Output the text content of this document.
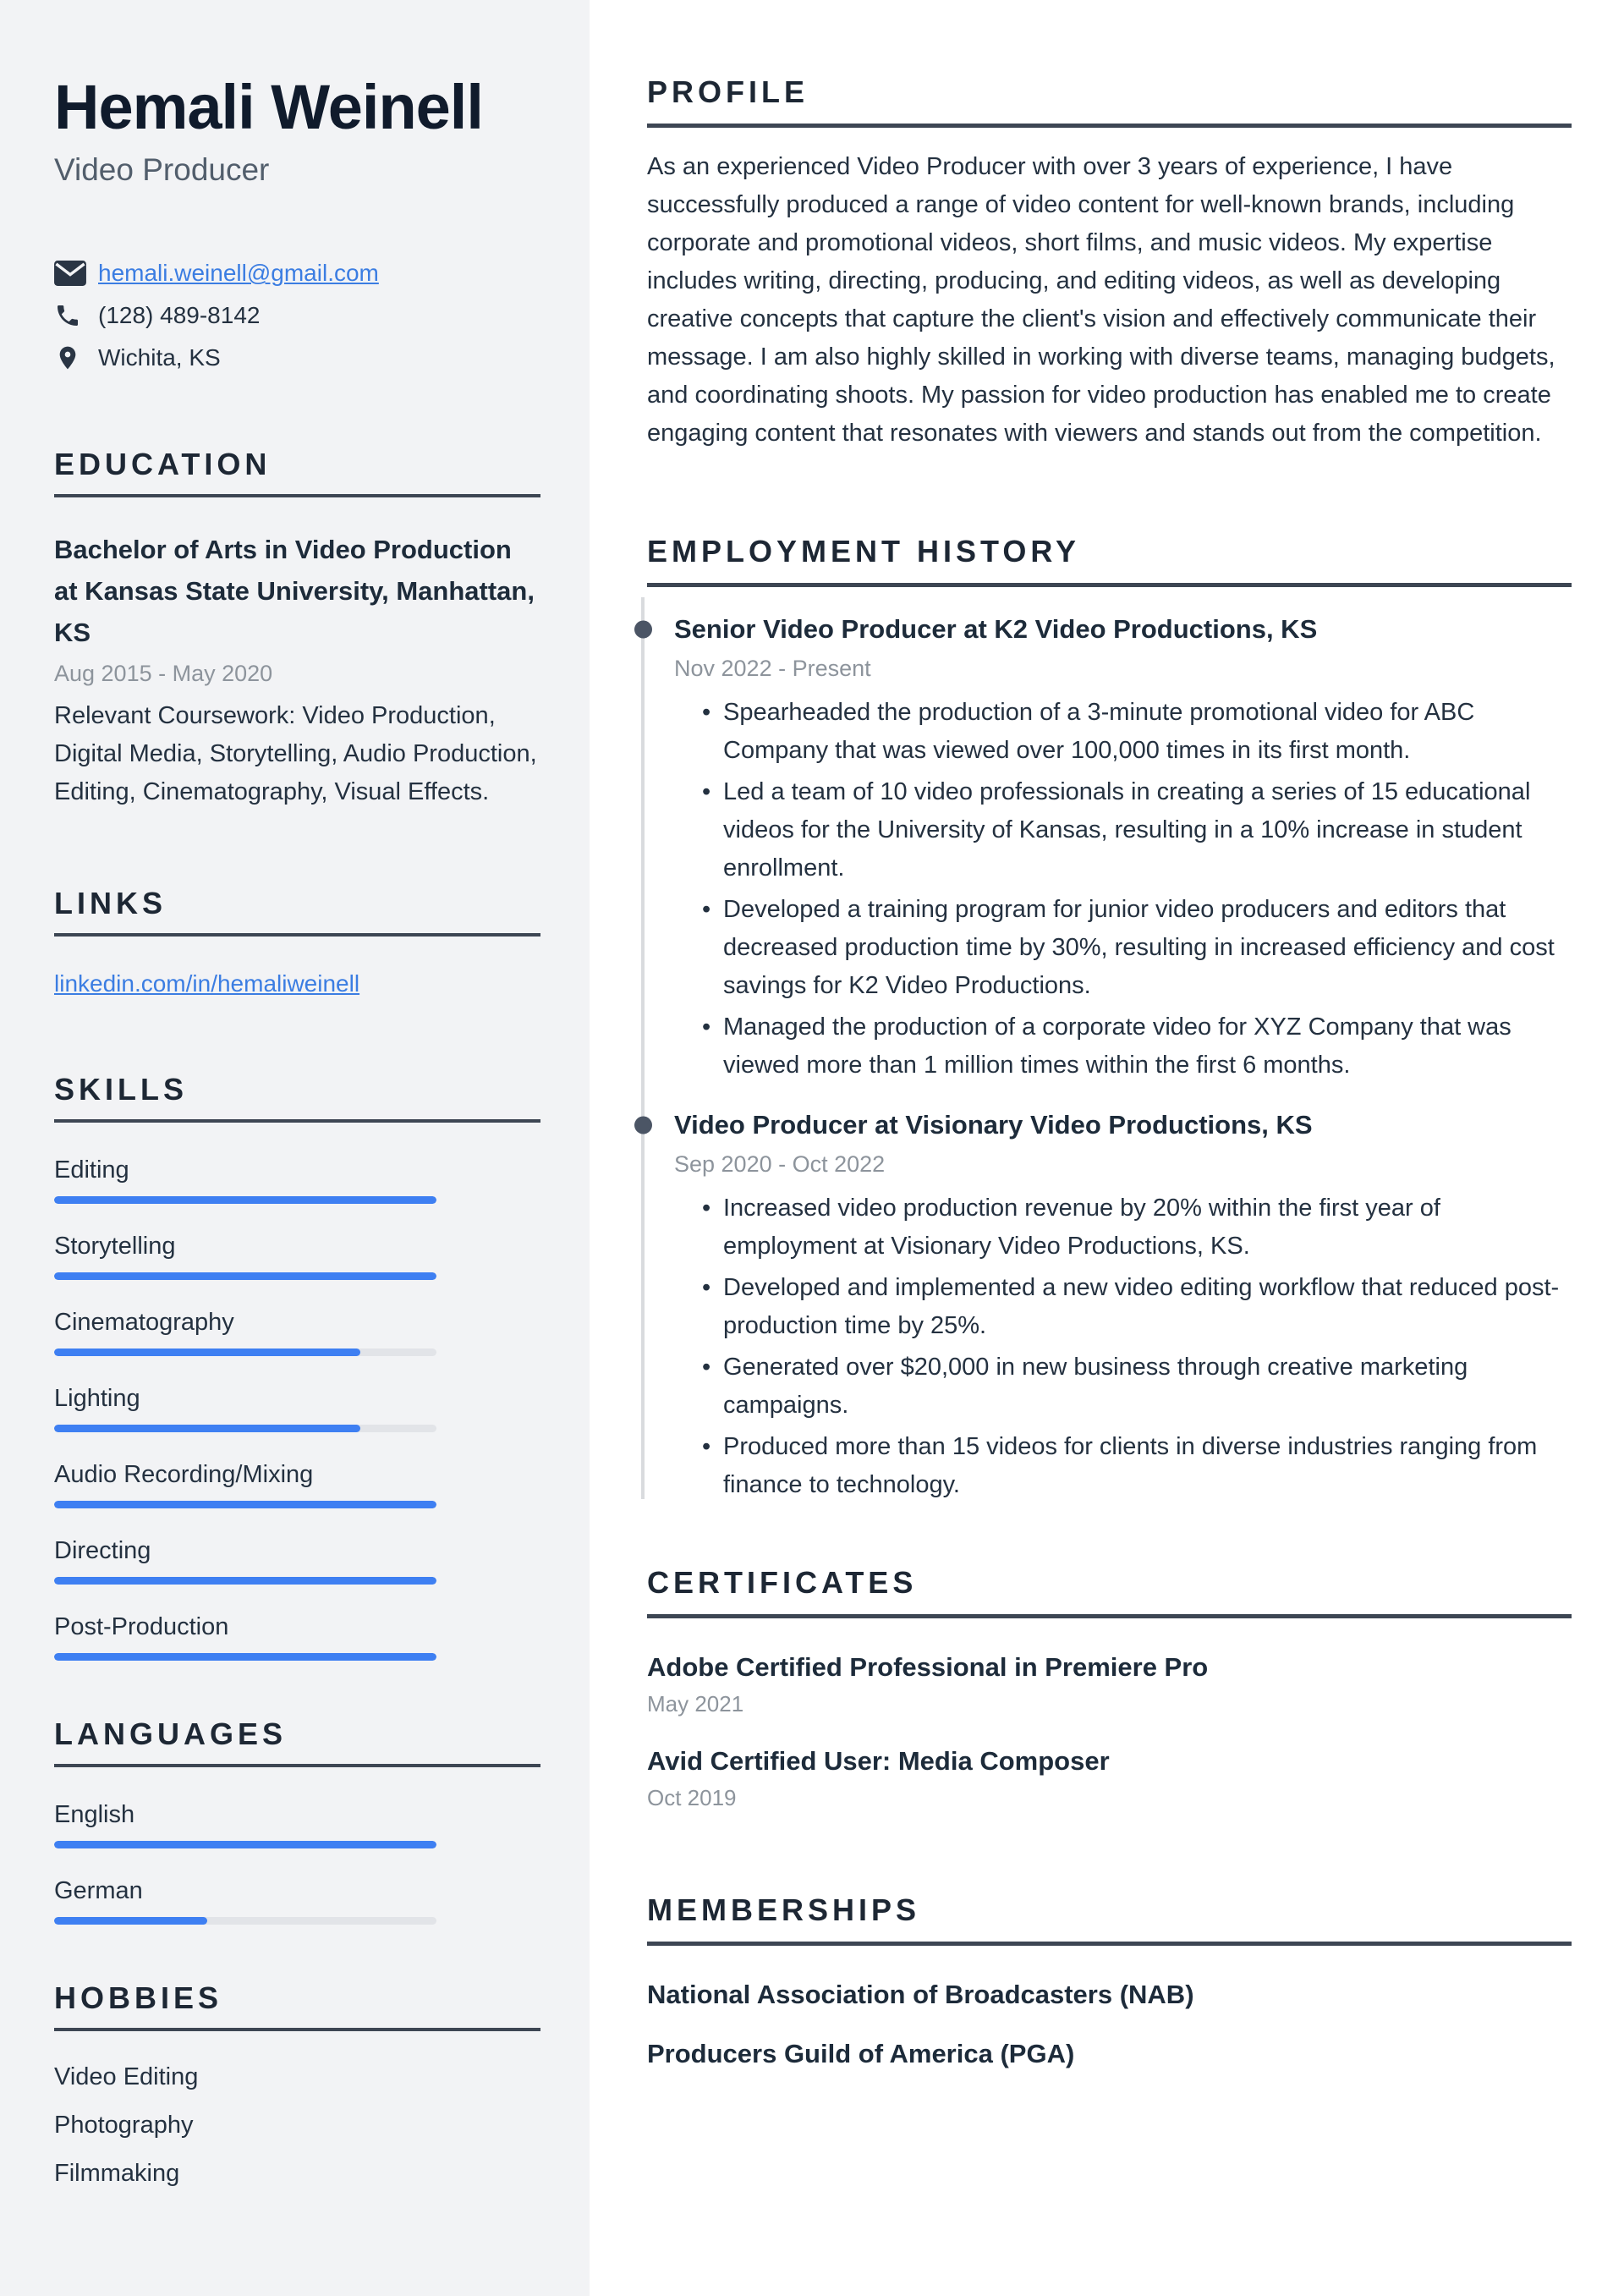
Hemali Weinell
Video Producer
hemali.weinell@gmail.com
(128) 489-8142
Wichita, KS
EDUCATION
Bachelor of Arts in Video Production at Kansas State University, Manhattan, KS
Aug 2015 - May 2020
Relevant Coursework: Video Production, Digital Media, Storytelling, Audio Production, Editing, Cinematography, Visual Effects.
LINKS
linkedin.com/in/hemaliweinell
SKILLS
Editing
Storytelling
Cinematography
Lighting
Audio Recording/Mixing
Directing
Post-Production
LANGUAGES
English
German
HOBBIES
Video Editing
Photography
Filmmaking
PROFILE

As an experienced Video Producer with over 3 years of experience, I have successfully produced a range of video content for well-known brands, including corporate and promotional videos, short films, and music videos. My expertise includes writing, directing, producing, and editing videos, as well as developing creative concepts that capture the client's vision and effectively communicate their message. I am also highly skilled in working with diverse teams, managing budgets, and coordinating shoots. My passion for video production has enabled me to create engaging content that resonates with viewers and stands out from the competition.

EMPLOYMENT HISTORY
Senior Video Producer at K2 Video Productions, KS
Nov 2022 - Present
• Spearheaded the production of a 3-minute promotional video for ABC Company that was viewed over 100,000 times in its first month.
• Led a team of 10 video professionals in creating a series of 15 educational videos for the University of Kansas, resulting in a 10% increase in student enrollment.
• Developed a training program for junior video producers and editors that decreased production time by 30%, resulting in increased efficiency and cost savings for K2 Video Productions.
• Managed the production of a corporate video for XYZ Company that was viewed more than 1 million times within the first 6 months.
Video Producer at Visionary Video Productions, KS
Sep 2020 - Oct 2022
• Increased video production revenue by 20% within the first year of employment at Visionary Video Productions, KS.
• Developed and implemented a new video editing workflow that reduced post-production time by 25%.
• Generated over $20,000 in new business through creative marketing campaigns.
• Produced more than 15 videos for clients in diverse industries ranging from finance to technology.
CERTIFICATES
Adobe Certified Professional in Premiere Pro
May 2021
Avid Certified User: Media Composer
Oct 2019
MEMBERSHIPS
National Association of Broadcasters (NAB)
Producers Guild of America (PGA)
